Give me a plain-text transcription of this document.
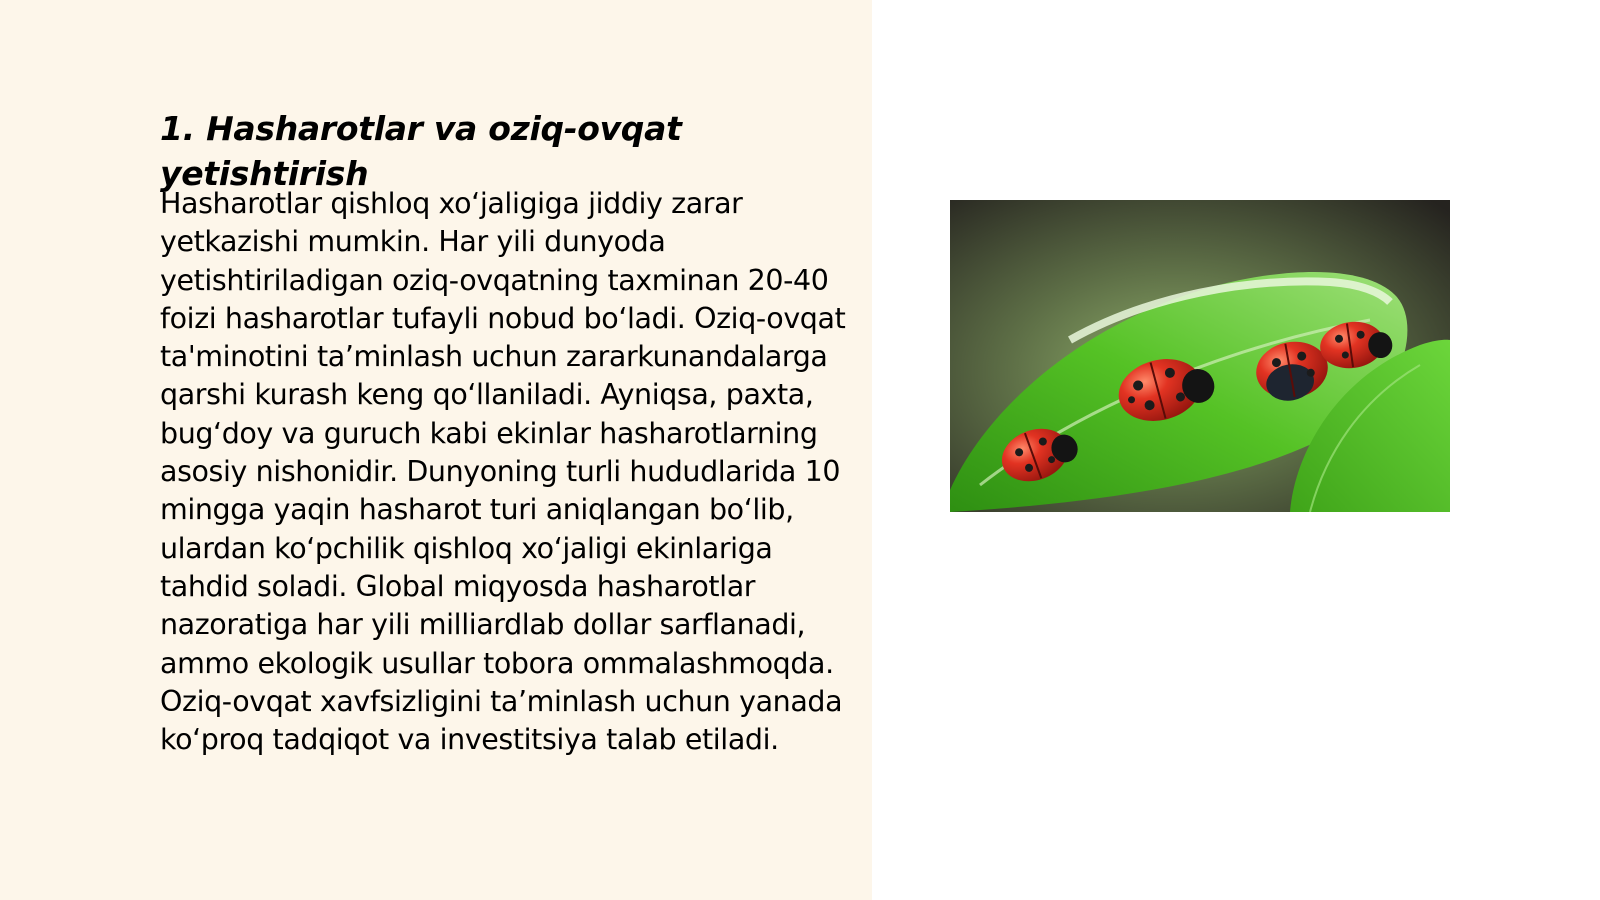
1. Hasharotlar va oziq-ovqat yetishtirish

Hasharotlar qishloq xo‘jaligiga jiddiy zarar yetkazishi mumkin. Har yili dunyoda yetishtiriladigan oziq-ovqatning taxminan 20-40 foizi hasharotlar tufayli nobud bo‘ladi. Oziq-ovqat ta'minotini ta’minlash uchun zararkunandalarga qarshi kurash keng qo‘llaniladi. Ayniqsa, paxta, bug‘doy va guruch kabi ekinlar hasharotlarning asosiy nishonidir. Dunyoning turli hududlarida 10 mingga yaqin hasharot turi aniqlangan bo‘lib, ulardan ko‘pchilik qishloq xo‘jaligi ekinlariga tahdid soladi. Global miqyosda hasharotlar nazoratiga har yili milliardlab dollar sarflanadi, ammo ekologik usullar tobora ommalashmoqda. Oziq-ovqat xavfsizligini ta’minlash uchun yanada ko‘proq tadqiqot va investitsiya talab etiladi.
